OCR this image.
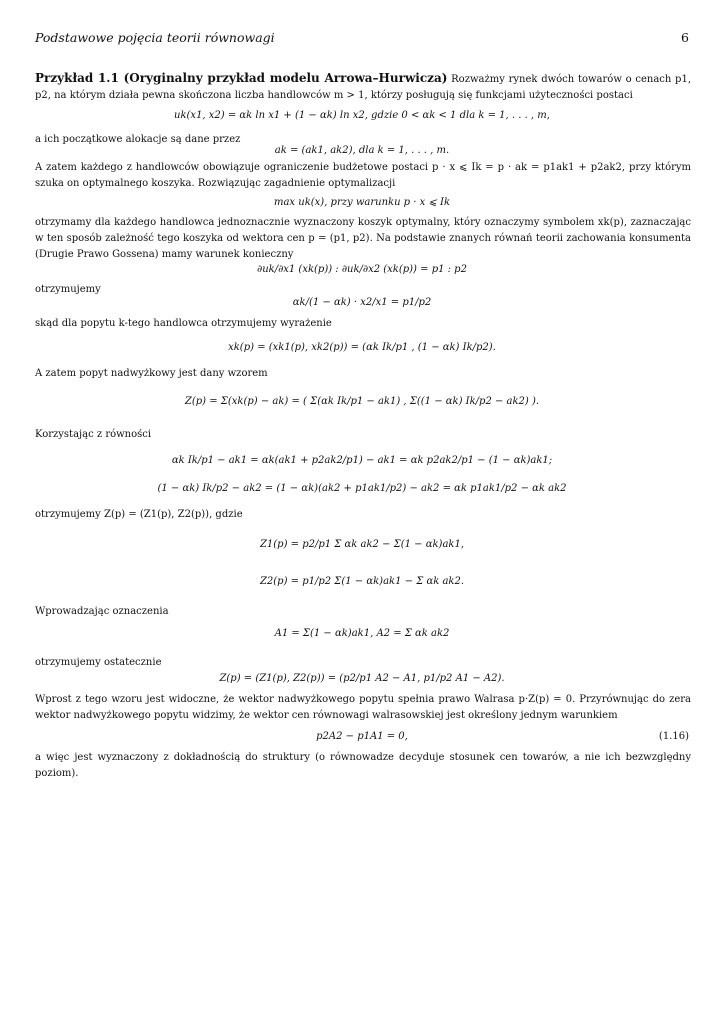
Podstawowe pojęcia teorii równowagi	6
Przykład 1.1 (Oryginalny przykład modelu Arrowa–Hurwicza) Rozważmy rynek dwóch towarów o cenach p1, p2, na którym działa pewna skończona liczba handlowców m > 1, którzy posługują się funkcjami użyteczności postaci
uk(x1, x2) = αk ln x1 + (1 − αk) ln x2, gdzie 0 < αk < 1 dla k = 1, . . . , m,
a ich początkowe alokacje są dane przez
ak = (ak1, ak2), dla k = 1, . . . , m.
A zatem każdego z handlowców obowiązuje ograniczenie budżetowe postaci p · x ⩽ Ik = p · ak = p1ak1 + p2ak2, przy którym szuka on optymalnego koszyka. Rozwiązując zagadnienie optymalizacji
max uk(x), przy warunku p · x ⩽ Ik
otrzymamy dla każdego handlowca jednoznacznie wyznaczony koszyk optymalny, który oznaczymy symbolem xk(p), zaznaczając w ten sposób zależność tego koszyka od wektora cen p = (p1, p2). Na podstawie znanych równań teorii zachowania konsumenta (Drugie Prawo Gossena) mamy warunek konieczny
∂uk/∂x1 (xk(p)) : ∂uk/∂x2 (xk(p)) = p1 : p2
otrzymujemy
αk/(1 − αk) · x2/x1 = p1/p2
skąd dla popytu k-tego handlowca otrzymujemy wyrażenie
xk(p) = (xk1(p), xk2(p)) = (αk Ik/p1 , (1 − αk) Ik/p2).
A zatem popyt nadwyżkowy jest dany wzorem
Z(p) = Σ(xk(p) − ak) = ( Σ(αk Ik/p1 − ak1) , Σ((1 − αk) Ik/p2 − ak2) ).
Korzystając z równości
αk Ik/p1 − ak1 = αk(ak1 + p2ak2/p1) − ak1 = αk p2ak2/p1 − (1 − αk)ak1;
(1 − αk) Ik/p2 − ak2 = (1 − αk)(ak2 + p1ak1/p2) − ak2 = αk p1ak1/p2 − αk ak2
otrzymujemy Z(p) = (Z1(p), Z2(p)), gdzie
Z1(p) = p2/p1 Σ αk ak2 − Σ(1 − αk)ak1,
Z2(p) = p1/p2 Σ(1 − αk)ak1 − Σ αk ak2.
Wprowadzając oznaczenia
A1 = Σ(1 − αk)ak1, A2 = Σ αk ak2
otrzymujemy ostatecznie
Z(p) = (Z1(p), Z2(p)) = (p2/p1 A2 − A1, p1/p2 A1 − A2).
Wprost z tego wzoru jest widoczne, że wektor nadwyżkowego popytu spełnia prawo Walrasa p·Z(p) = 0. Przyrównując do zera wektor nadwyżkowego popytu widzimy, że wektor cen równowagi walrasowskiej jest określony jednym warunkiem
p2A2 − p1A1 = 0,	(1.16)
a więc jest wyznaczony z dokładnością do struktury (o równowadze decyduje stosunek cen towarów, a nie ich bezwzględny poziom).
